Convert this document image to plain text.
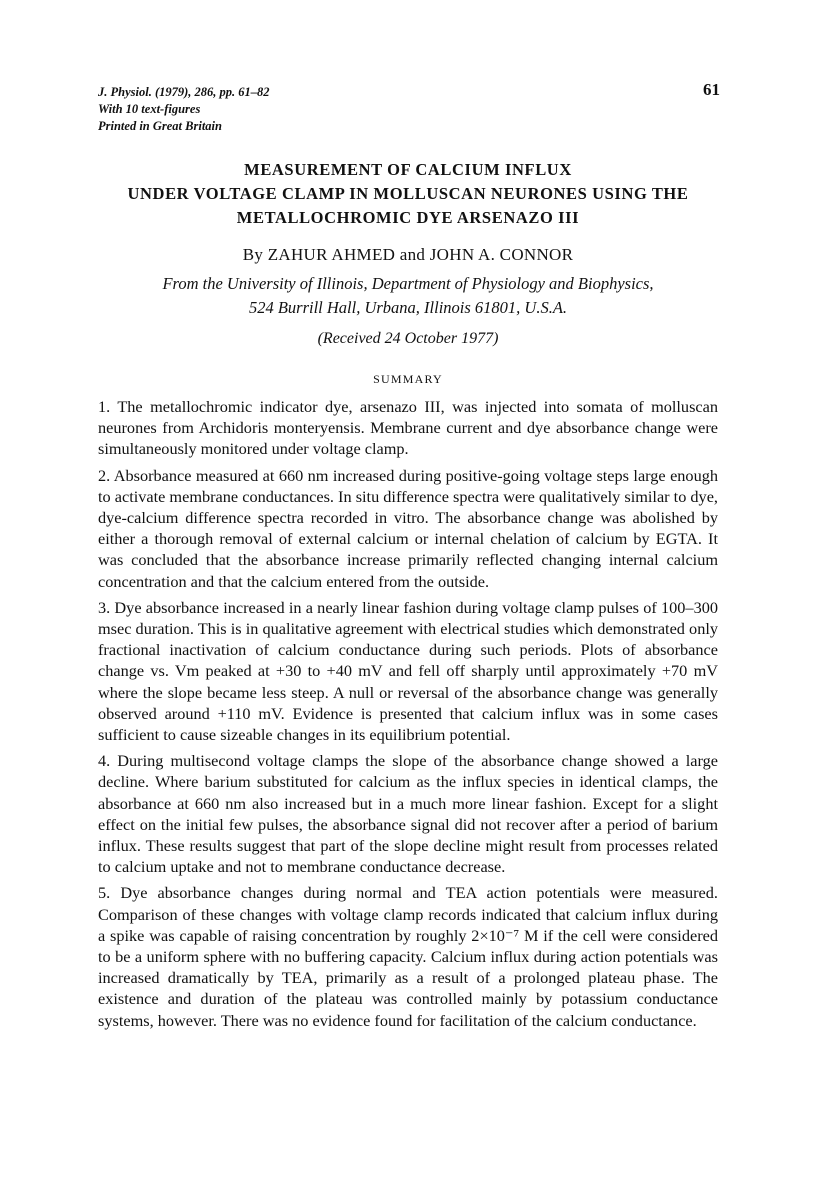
J. Physiol. (1979), 286, pp. 61–82
With 10 text-figures
Printed in Great Britain
61
MEASUREMENT OF CALCIUM INFLUX
UNDER VOLTAGE CLAMP IN MOLLUSCAN NEURONES USING THE
METALLOCHROMIC DYE ARSENAZO III
By ZAHUR AHMED and JOHN A. CONNOR
From the University of Illinois, Department of Physiology and Biophysics,
524 Burrill Hall, Urbana, Illinois 61801, U.S.A.
(Received 24 October 1977)
SUMMARY

1. The metallochromic indicator dye, arsenazo III, was injected into somata of molluscan neurones from Archidoris monteryensis. Membrane current and dye absorbance change were simultaneously monitored under voltage clamp.

2. Absorbance measured at 660 nm increased during positive-going voltage steps large enough to activate membrane conductances. In situ difference spectra were qualitatively similar to dye, dye-calcium difference spectra recorded in vitro. The absorbance change was abolished by either a thorough removal of external calcium or internal chelation of calcium by EGTA. It was concluded that the absorbance increase primarily reflected changing internal calcium concentration and that the calcium entered from the outside.

3. Dye absorbance increased in a nearly linear fashion during voltage clamp pulses of 100–300 msec duration. This is in qualitative agreement with electrical studies which demonstrated only fractional inactivation of calcium conductance during such periods. Plots of absorbance change vs. Vm peaked at +30 to +40 mV and fell off sharply until approximately +70 mV where the slope became less steep. A null or reversal of the absorbance change was generally observed around +110 mV. Evidence is presented that calcium influx was in some cases sufficient to cause sizeable changes in its equilibrium potential.

4. During multisecond voltage clamps the slope of the absorbance change showed a large decline. Where barium substituted for calcium as the influx species in identical clamps, the absorbance at 660 nm also increased but in a much more linear fashion. Except for a slight effect on the initial few pulses, the absorbance signal did not recover after a period of barium influx. These results suggest that part of the slope decline might result from processes related to calcium uptake and not to membrane conductance decrease.

5. Dye absorbance changes during normal and TEA action potentials were measured. Comparison of these changes with voltage clamp records indicated that calcium influx during a spike was capable of raising concentration by roughly 2×10⁻⁷ M if the cell were considered to be a uniform sphere with no buffering capacity. Calcium influx during action potentials was increased dramatically by TEA, primarily as a result of a prolonged plateau phase. The existence and duration of the plateau was controlled mainly by potassium conductance systems, however. There was no evidence found for facilitation of the calcium conductance.
